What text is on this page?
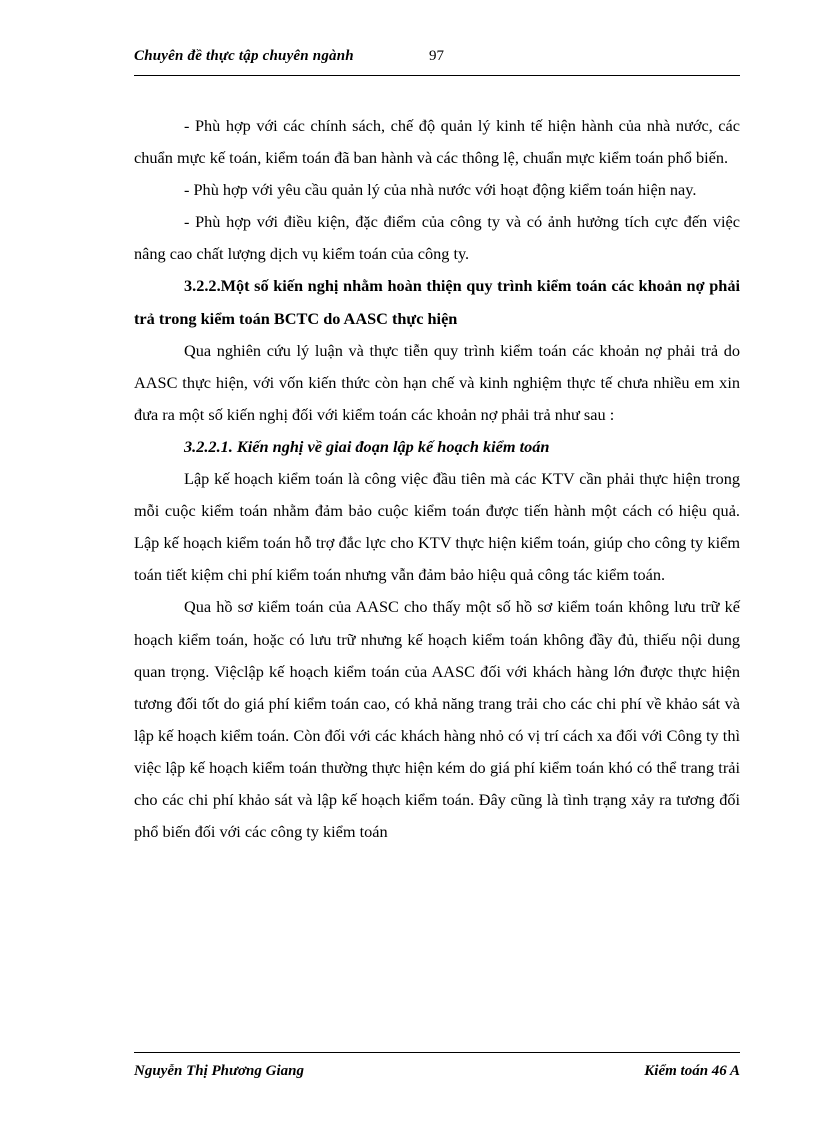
Chuyên đề thực tập chuyên ngành	97

- Phù hợp với các chính sách, chế độ quản lý kinh tế hiện hành của nhà nước, các chuẩn mực kế toán, kiểm toán đã ban hành và các thông lệ, chuẩn mực kiểm toán phổ biến.

- Phù hợp với yêu cầu quản lý của nhà nước với hoạt động kiểm toán hiện nay.

- Phù hợp với điều kiện, đặc điểm của công ty và có ảnh hưởng tích cực đến việc nâng cao chất lượng dịch vụ kiểm toán của công ty.

3.2.2.Một số kiến nghị nhằm hoàn thiện quy trình kiểm toán các khoản nợ phải trả trong kiểm toán BCTC do AASC thực hiện

Qua nghiên cứu lý luận và thực tiễn quy trình kiểm toán các khoản nợ phải trả do AASC thực hiện, với vốn kiến thức còn hạn chế và kinh nghiệm thực tế chưa nhiều em xin đưa ra một số kiến nghị đối với kiểm toán các khoản nợ phải trả như sau :

3.2.2.1. Kiến nghị về giai đoạn lập kế hoạch kiểm toán

Lập kế hoạch kiểm toán là công việc đầu tiên mà các KTV cần phải thực hiện trong mỗi cuộc kiểm toán nhằm đảm bảo cuộc kiểm toán được tiến hành một cách có hiệu quả. Lập kế hoạch kiểm toán hỗ trợ đắc lực cho KTV thực hiện kiểm toán, giúp cho công ty kiểm toán tiết kiệm chi phí kiểm toán nhưng vẫn đảm bảo hiệu quả công tác kiểm toán.

Qua hồ sơ kiểm toán của AASC cho thấy một số hồ sơ kiểm toán không lưu trữ kế hoạch kiểm toán, hoặc có lưu trữ nhưng kế hoạch kiểm toán không đầy đủ, thiếu nội dung quan trọng. Việclập kế hoạch kiểm toán của AASC đối với khách hàng lớn được thực hiện tương đối tốt do giá phí kiểm toán cao, có khả năng trang trải cho các chi phí về khảo sát và lập kế hoạch kiểm toán. Còn đối với các khách hàng nhỏ có vị trí cách xa đối với Công ty thì việc lập kế hoạch kiểm toán thường thực hiện kém do giá phí kiểm toán khó có thể trang trải cho các chi phí khảo sát và lập kế hoạch kiểm toán. Đây cũng là tình trạng xảy ra tương đối phổ biến đối với các công ty kiểm toán

Nguyễn Thị Phương Giang	Kiểm toán 46 A
